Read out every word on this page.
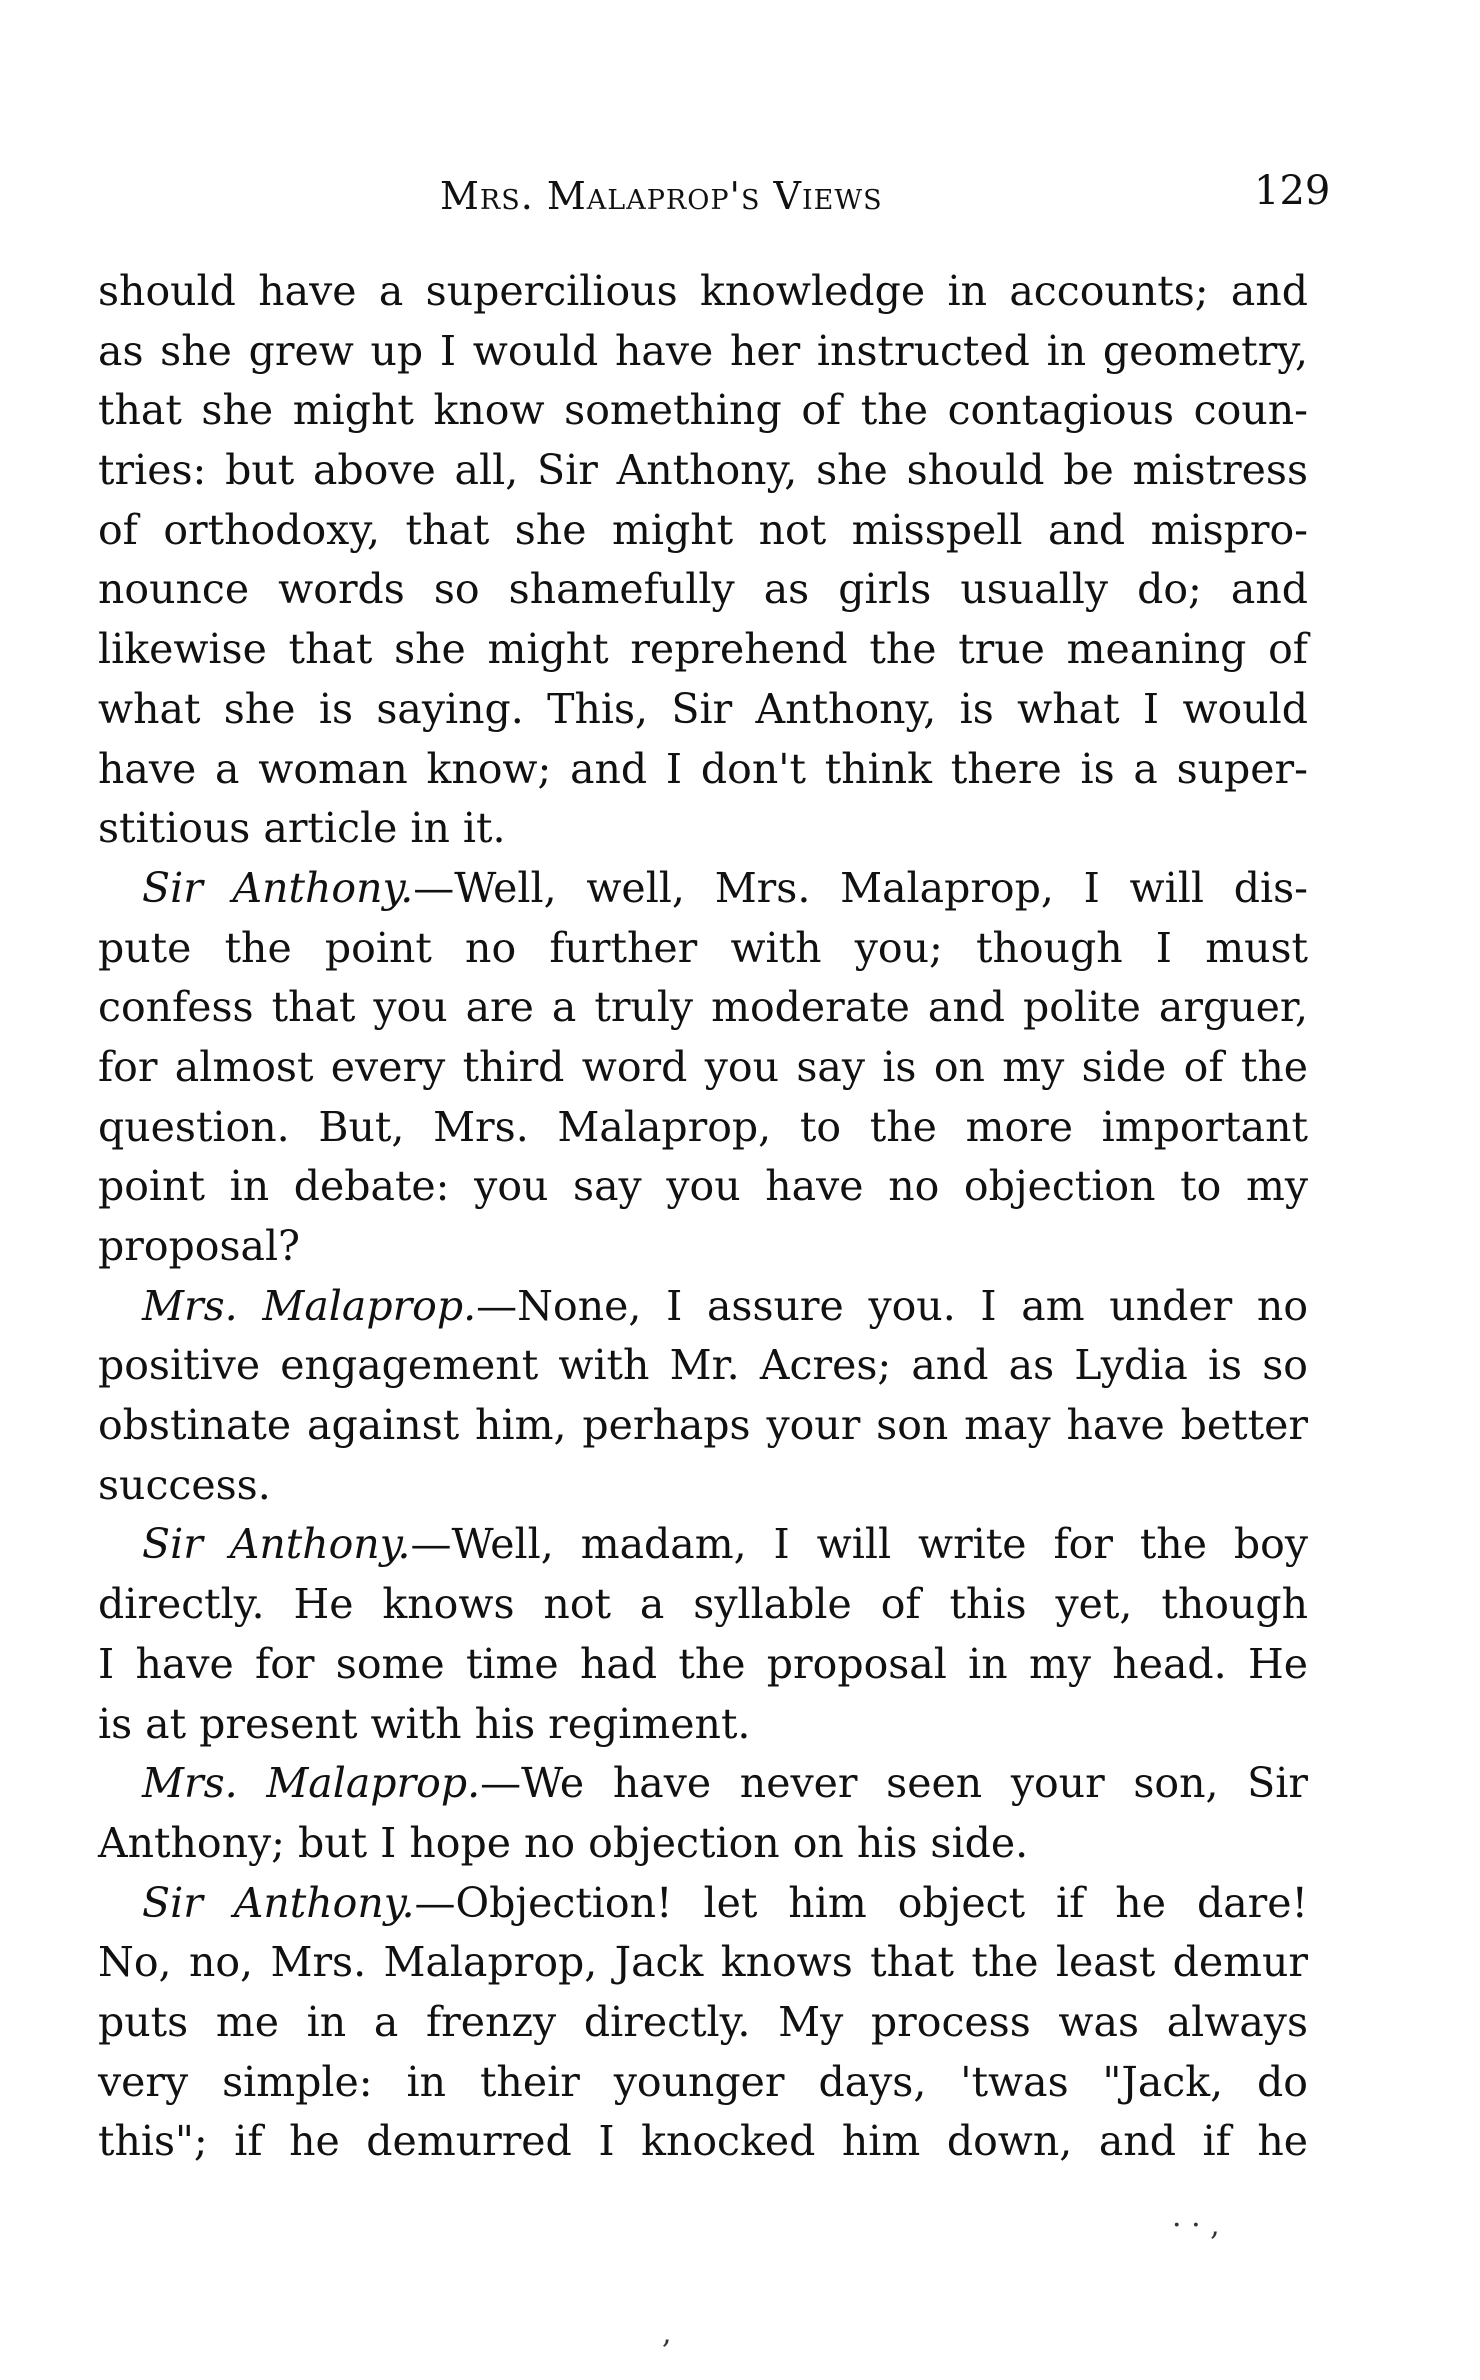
Mrs. Malaprop's Views	129
should have a supercilious knowledge in accounts; and
as she grew up I would have her instructed in geometry,
that she might know something of the contagious coun-
tries: but above all, Sir Anthony, she should be mistress
of orthodoxy, that she might not misspell and mispro-
nounce words so shamefully as girls usually do; and
likewise that she might reprehend the true meaning of
what she is saying. This, Sir Anthony, is what I would
have a woman know; and I don't think there is a super-
stitious article in it.
Sir Anthony.—Well, well, Mrs. Malaprop, I will dis-
pute the point no further with you; though I must
confess that you are a truly moderate and polite arguer,
for almost every third word you say is on my side of the
question. But, Mrs. Malaprop, to the more important
point in debate: you say you have no objection to my
proposal?
Mrs. Malaprop.—None, I assure you. I am under no
positive engagement with Mr. Acres; and as Lydia is so
obstinate against him, perhaps your son may have better
success.
Sir Anthony.—Well, madam, I will write for the boy
directly. He knows not a syllable of this yet, though
I have for some time had the proposal in my head. He
is at present with his regiment.
Mrs. Malaprop.—We have never seen your son, Sir
Anthony; but I hope no objection on his side.
Sir Anthony.—Objection! let him object if he dare!
No, no, Mrs. Malaprop, Jack knows that the least demur
puts me in a frenzy directly. My process was always
very simple: in their younger days, 'twas "Jack, do
this"; if he demurred I knocked him down, and if he
· · ,
,
